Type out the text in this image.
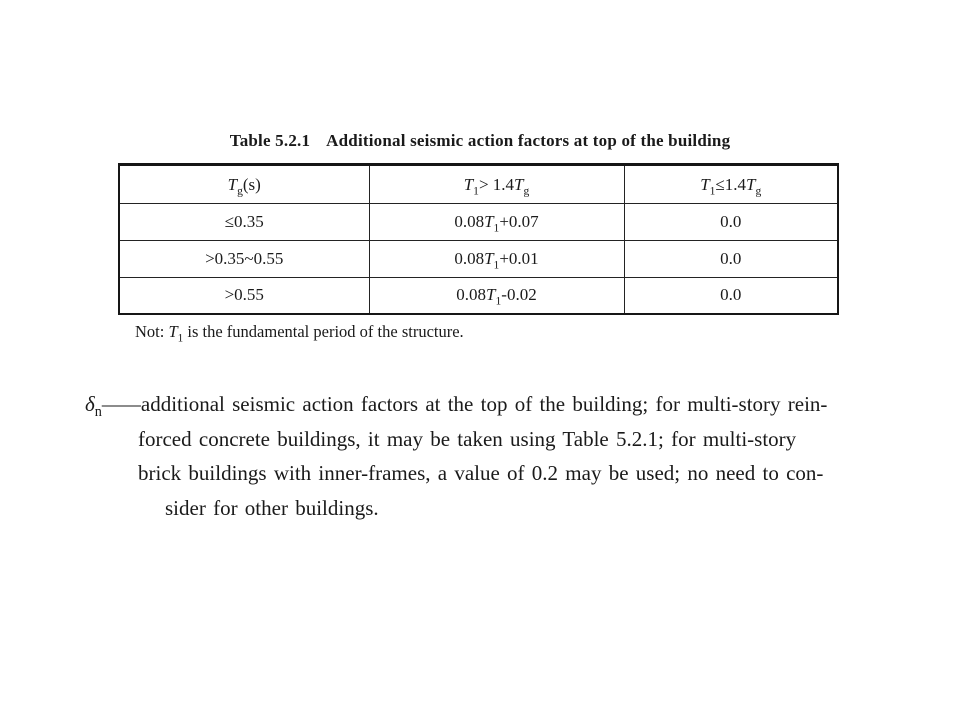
Table 5.2.1 Additional seismic action factors at top of the building
$T_g(s)$	$T_1> 1.4T_g$	$T_1\le 1.4T_g$
≤0.35	$0.08T_1+0.07$	0.0
>0.35~0.55	$0.08T_1+0.01$	0.0
>0.55	$0.08T_1-0.02$	0.0
Not: $T_1$ is the fundamental period of the structure.
$\delta_n——$ additional seismic action factors at the top of the building; for multi-story rein-
forced concrete buildings, it may be taken using Table 5.2.1; for multi-story
brick buildings with inner-frames, a value of 0.2 may be used; no need to con-
sider for other buildings.
